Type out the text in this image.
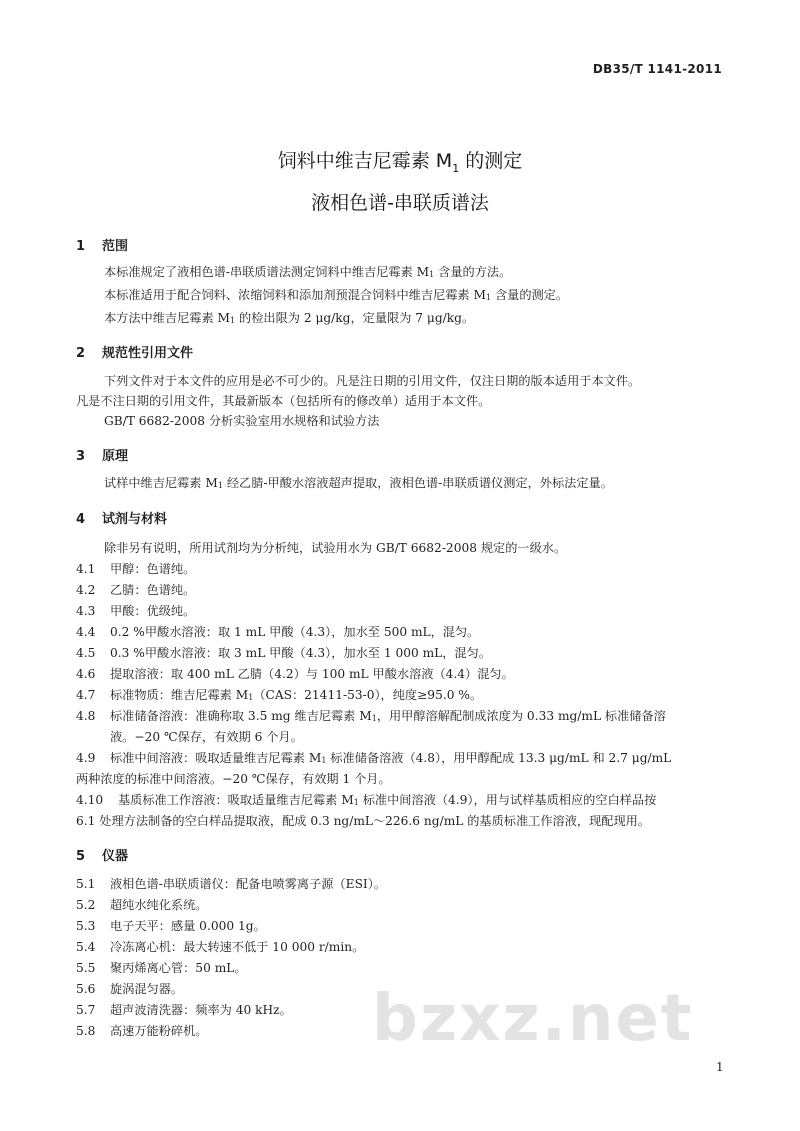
DB35/T 1141-2011
饲料中维吉尼霉素 $M_1$ 的测定
液相色谱-串联质谱法
1 范围
本标准规定了液相色谱-串联质谱法测定饲料中维吉尼霉素 $M_1$ 含量的方法。
本标准适用于配合饲料、浓缩饲料和添加剂预混合饲料中维吉尼霉素 $M_1$ 含量的测定。
本方法中维吉尼霉素 $M_1$ 的检出限为 2 μg/kg，定量限为 7 μg/kg。
2 规范性引用文件
下列文件对于本文件的应用是必不可少的。凡是注日期的引用文件，仅注日期的版本适用于本文件。
凡是不注日期的引用文件，其最新版本（包括所有的修改单）适用于本文件。
GB/T 6682-2008 分析实验室用水规格和试验方法
3 原理
试样中维吉尼霉素 $M_1$ 经乙腈-甲酸水溶液超声提取，液相色谱-串联质谱仪测定，外标法定量。
4 试剂与材料
除非另有说明，所用试剂均为分析纯，试验用水为 GB/T 6682-2008 规定的一级水。
4.1 甲醇：色谱纯。
4.2 乙腈：色谱纯。
4.3 甲酸：优级纯。
4.4 0.2 %甲酸水溶液：取 1 mL 甲酸（4.3），加水至 500 mL，混匀。
4.5 0.3 %甲酸水溶液：取 3 mL 甲酸（4.3），加水至 1 000 mL，混匀。
4.6 提取溶液：取 400 mL 乙腈（4.2）与 100 mL 甲酸水溶液（4.4）混匀。
4.7 标准物质：维吉尼霉素 $M_1(CAS$：21411-53-0），纯度≥95.0 %。
4.8 标准储备溶液：准确称取 3.5 mg 维吉尼霉素 $M_1$，用甲醇溶解配制成浓度为 0.33 mg/mL 标准储备溶
液。−20 ℃保存，有效期 6 个月。
4.9 标准中间溶液：吸取适量维吉尼霉素 $M_1$ 标准储备溶液（4.8），用甲醇配成 13.3 μg/mL 和 2.7 μg/mL
两种浓度的标准中间溶液。−20 ℃保存，有效期 1 个月。
4.10 基质标准工作溶液：吸取适量维吉尼霉素 $M_1$ 标准中间溶液（4.9），用与试样基质相应的空白样品按
6.1 处理方法制备的空白样品提取液，配成 0.3 ng/mL～226.6 ng/mL 的基质标准工作溶液，现配现用。
5 仪器
5.1 液相色谱-串联质谱仪：配备电喷雾离子源（ESI）。
5.2 超纯水纯化系统。
5.3 电子天平：感量 0.000 1g。
5.4 冷冻离心机：最大转速不低于 10 000 r/min。
5.5 聚丙烯离心管：50 mL。
5.6 旋涡混匀器。
5.7 超声波清洗器：频率为 40 kHz。
5.8 高速万能粉碎机。	bzxz.net
1
